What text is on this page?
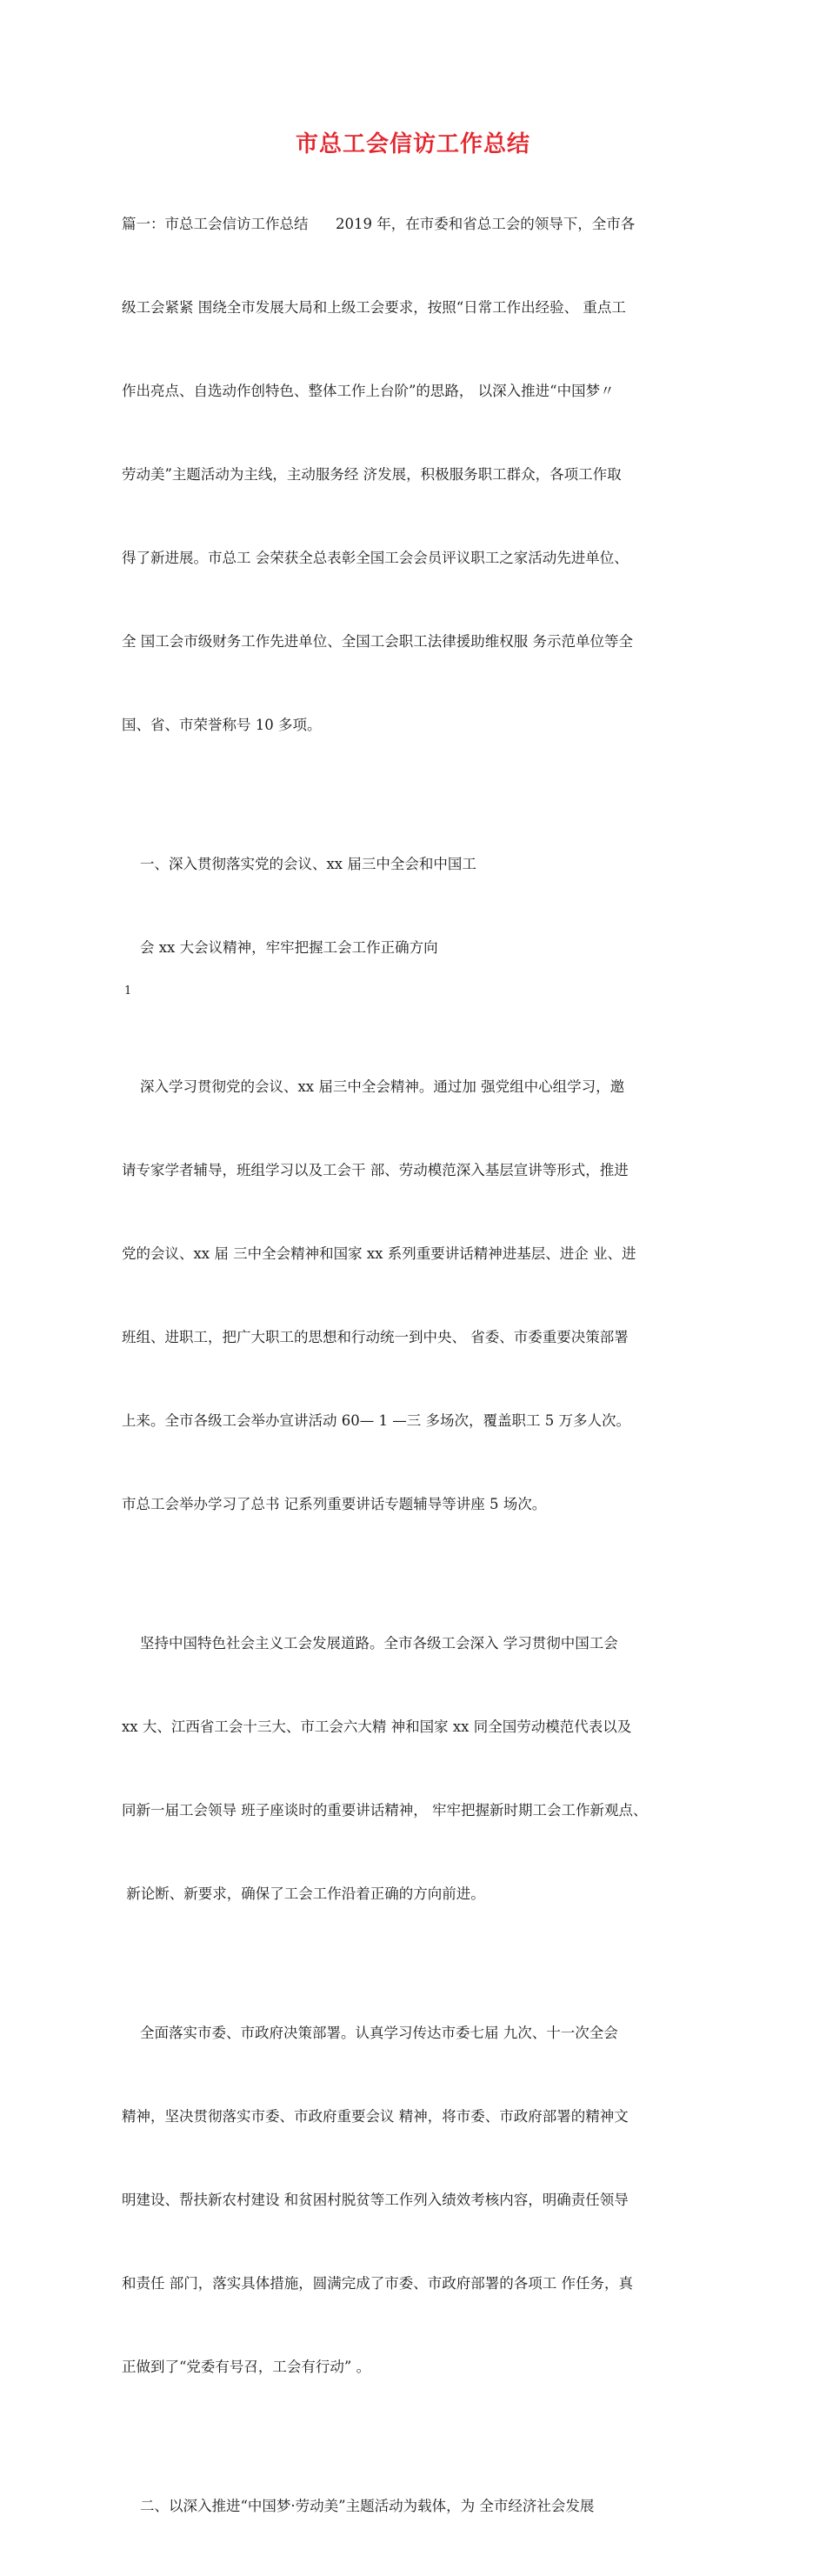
市总工会信访工作总结

篇一：市总工会信访工作总结      2019 年，在市委和省总工会的领导下，全市各

级工会紧紧 围绕全市发展大局和上级工会要求，按照“日常工作出经验、 重点工

作出亮点、自选动作创特色、整体工作上台阶”的思路， 以深入推进“中国梦〃

劳动美”主题活动为主线，主动服务经 济发展，积极服务职工群众，各项工作取

得了新进展。市总工 会荣获全总表彰全国工会会员评议职工之家活动先进单位、

全 国工会市级财务工作先进单位、全国工会职工法律援助维权服 务示范单位等全

国、省、市荣誉称号 10 多项。

一、深入贯彻落实党的会议、xx 届三中全会和中国工

会 xx 大会议精神，牢牢把握工会工作正确方向

深入学习贯彻党的会议、xx 届三中全会精神。通过加 强党组中心组学习，邀

请专家学者辅导，班组学习以及工会干 部、劳动模范深入基层宣讲等形式，推进

党的会议、xx 届 三中全会精神和国家 xx 系列重要讲话精神进基层、进企 业、进

班组、进职工，把广大职工的思想和行动统一到中央、 省委、市委重要决策部署

上来。全市各级工会举办宣讲活动 60— 1 —三 多场次，覆盖职工 5 万多人次。

市总工会举办学习了总书 记系列重要讲话专题辅导等讲座 5 场次。

坚持中国特色社会主义工会发展道路。全市各级工会深入 学习贯彻中国工会

xx 大、江西省工会十三大、市工会六大精 神和国家 xx 同全国劳动模范代表以及

同新一届工会领导 班子座谈时的重要讲话精神， 牢牢把握新时期工会工作新观点、

新论断、新要求，确保了工会工作沿着正确的方向前进。

全面落实市委、市政府决策部署。认真学习传达市委七届 九次、十一次全会

精神，坚决贯彻落实市委、市政府重要会议 精神，将市委、市政府部署的精神文

明建设、帮扶新农村建设 和贫困村脱贫等工作列入绩效考核内容，明确责任领导

和责任 部门，落实具体措施，圆满完成了市委、市政府部署的各项工 作任务，真

正做到了“党委有号召，工会有行动” 。

二、以深入推进“中国梦·劳动美”主题活动为载体，为 全市经济社会发展

1
